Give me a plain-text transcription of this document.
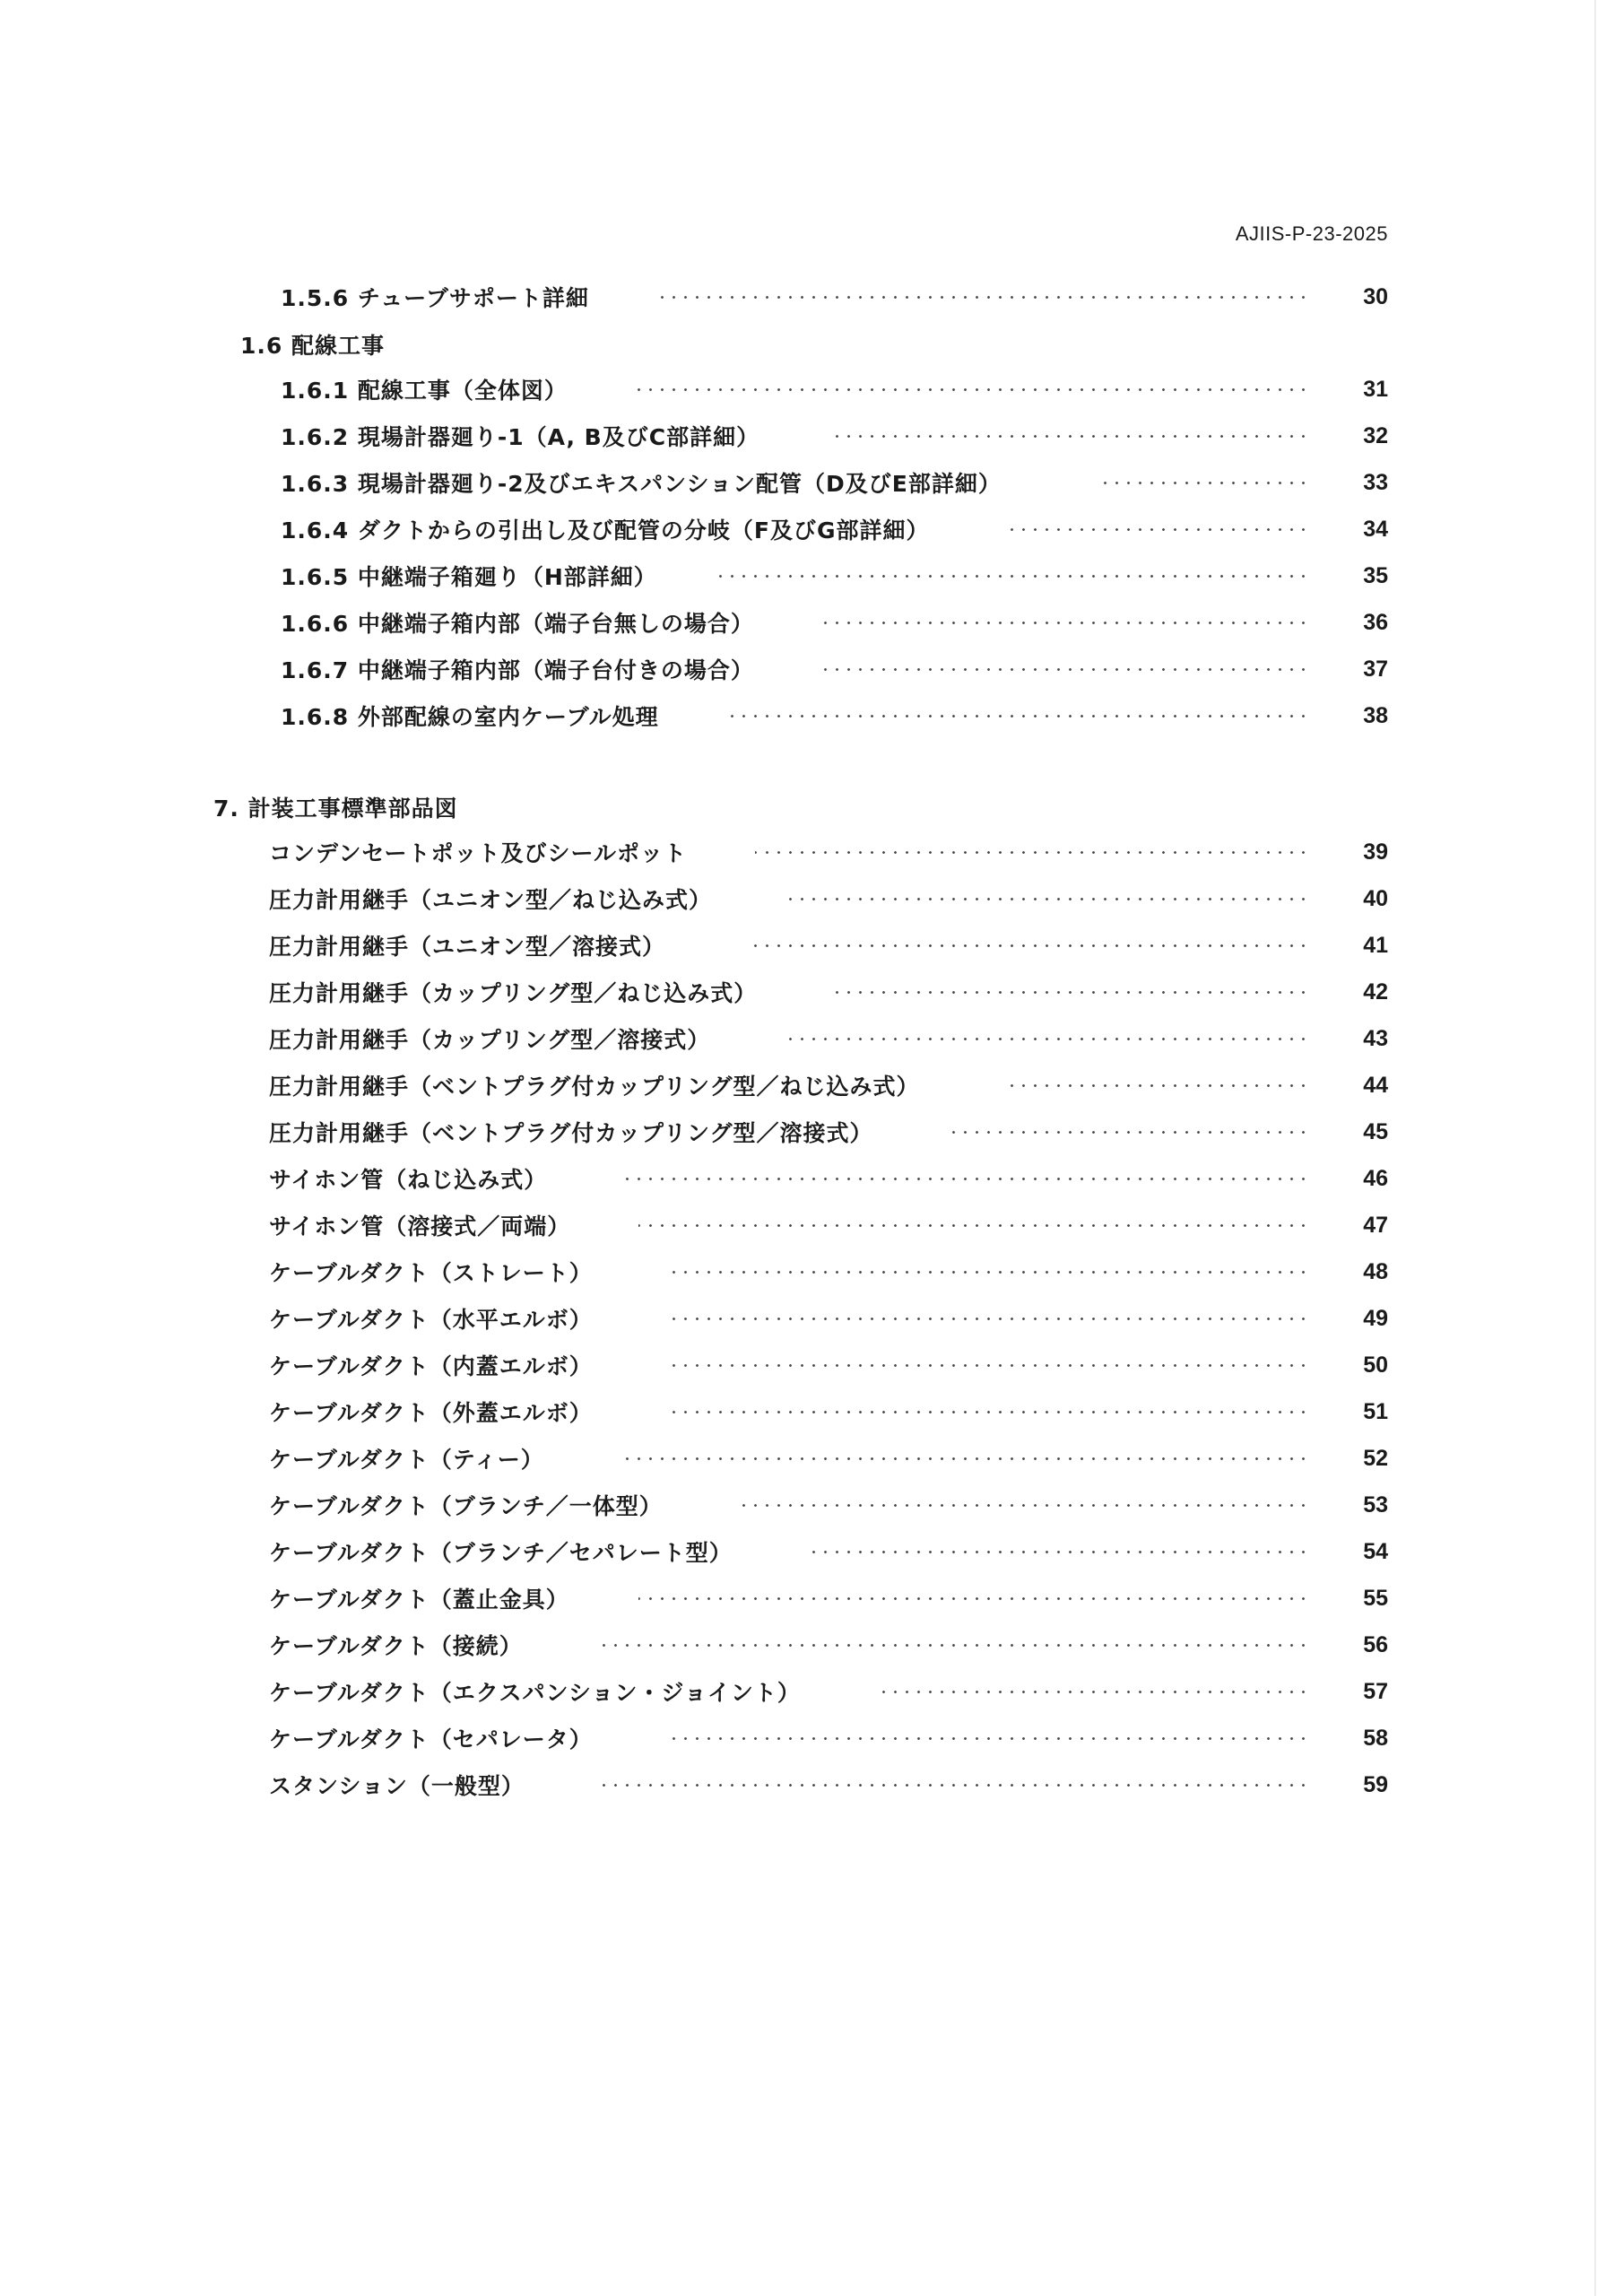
AJIIS-P-23-2025
1.5.6 チューブサポート詳細	30
1.6 配線工事
1.6.1 配線工事（全体図）	31
1.6.2 現場計器廻り-1（A, B及びC部詳細）	32
1.6.3 現場計器廻り-2及びエキスパンション配管（D及びE部詳細）	33
1.6.4 ダクトからの引出し及び配管の分岐（F及びG部詳細）	34
1.6.5 中継端子箱廻り（H部詳細）	35
1.6.6 中継端子箱内部（端子台無しの場合）	36
1.6.7 中継端子箱内部（端子台付きの場合）	37
1.6.8 外部配線の室内ケーブル処理	38
7. 計装工事標準部品図
コンデンセートポット及びシールポット	39
圧力計用継手（ユニオン型／ねじ込み式）	40
圧力計用継手（ユニオン型／溶接式）	41
圧力計用継手（カップリング型／ねじ込み式）	42
圧力計用継手（カップリング型／溶接式）	43
圧力計用継手（ベントプラグ付カップリング型／ねじ込み式）	44
圧力計用継手（ベントプラグ付カップリング型／溶接式）	45
サイホン管（ねじ込み式）	46
サイホン管（溶接式／両端）	47
ケーブルダクト（ストレート）	48
ケーブルダクト（水平エルボ）	49
ケーブルダクト（内蓋エルボ）	50
ケーブルダクト（外蓋エルボ）	51
ケーブルダクト（ティー）	52
ケーブルダクト（ブランチ／一体型）	53
ケーブルダクト（ブランチ／セパレート型）	54
ケーブルダクト（蓋止金具）	55
ケーブルダクト（接続）	56
ケーブルダクト（エクスパンション・ジョイント）	57
ケーブルダクト（セパレータ）	58
スタンション（一般型）	59
